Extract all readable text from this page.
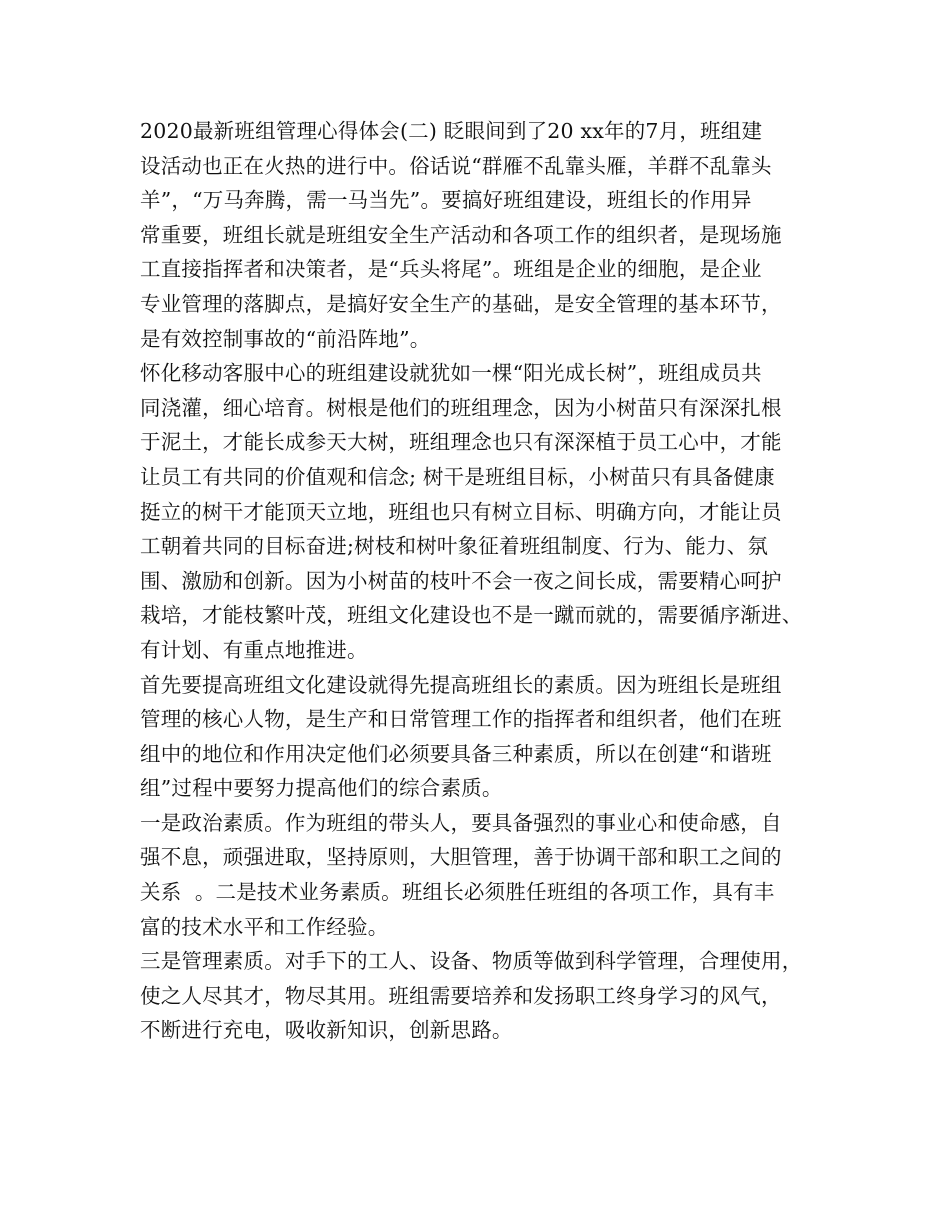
2020最新班组管理心得体会(二) 眨眼间到了20 xx年的7月，班组建
设活动也正在火热的进行中。俗话说“群雁不乱靠头雁，羊群不乱靠头
羊”，“万马奔腾，需一马当先”。要搞好班组建设，班组长的作用异
常重要，班组长就是班组安全生产活动和各项工作的组织者，是现场施
工直接指挥者和决策者，是“兵头将尾”。班组是企业的细胞，是企业
专业管理的落脚点，是搞好安全生产的基础，是安全管理的基本环节，
是有效控制事故的“前沿阵地”。
怀化移动客服中心的班组建设就犹如一棵“阳光成长树”，班组成员共
同浇灌，细心培育。树根是他们的班组理念，因为小树苗只有深深扎根
于泥土，才能长成参天大树，班组理念也只有深深植于员工心中，才能
让员工有共同的价值观和信念; 树干是班组目标，小树苗只有具备健康
挺立的树干才能顶天立地，班组也只有树立目标、明确方向，才能让员
工朝着共同的目标奋进;树枝和树叶象征着班组制度、行为、能力、氛
围、激励和创新。因为小树苗的枝叶不会一夜之间长成，需要精心呵护
栽培，才能枝繁叶茂，班组文化建设也不是一蹴而就的，需要循序渐进、
有计划、有重点地推进。
首先要提高班组文化建设就得先提高班组长的素质。因为班组长是班组
管理的核心人物，是生产和日常管理工作的指挥者和组织者，他们在班
组中的地位和作用决定他们必须要具备三种素质，所以在创建“和谐班
组”过程中要努力提高他们的综合素质。
一是政治素质。作为班组的带头人，要具备强烈的事业心和使命感，自
强不息，顽强进取，坚持原则，大胆管理，善于协调干部和职工之间的
关系  。二是技术业务素质。班组长必须胜任班组的各项工作，具有丰
富的技术水平和工作经验。
三是管理素质。对手下的工人、设备、物质等做到科学管理，合理使用，
使之人尽其才，物尽其用。班组需要培养和发扬职工终身学习的风气，
不断进行充电，吸收新知识，创新思路。
